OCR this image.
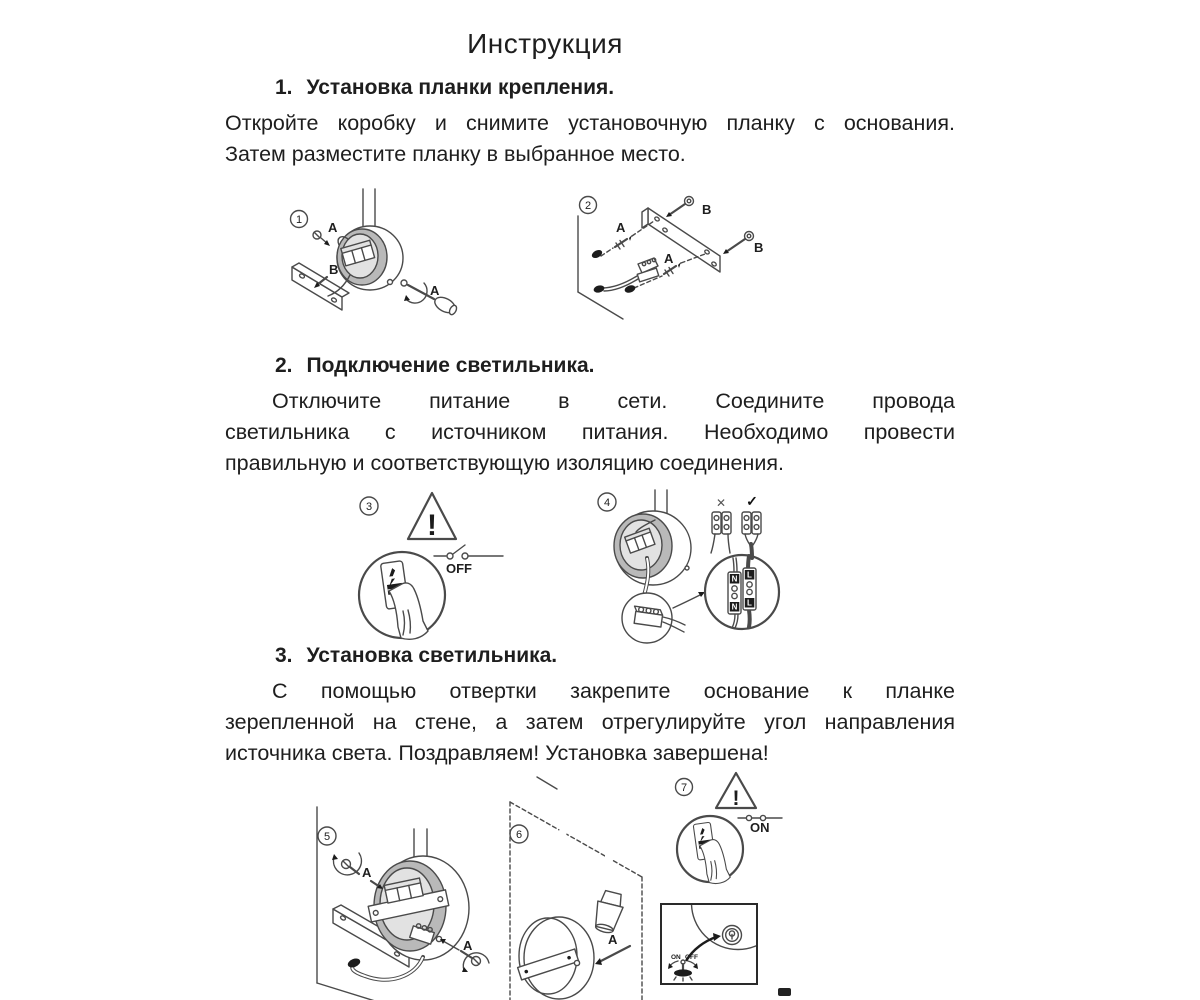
Инструкция
1. Установка планки крепления.

Откройте коробку и снимите установочную планку с основания.
Затем разместите планку в выбранное место.

1 A
B
A
2	B
B
A
A
2. Подключение светильника.

Отключите питание в сети. Соедините провода
светильника с источником питания. Необходимо провести
правильную и соответствующую изоляцию соединения.

3
!
OFF
4
N
N
L
L
✕ ✓
3. Установка светильника.

С помощью отвертки закрепите основание к планке
зерепленной на стене, а затем отрегулируйте угол направления
источника света. Поздравляем! Установка завершена!

5
A
A
6
A
7 !
ON
ON OFF
